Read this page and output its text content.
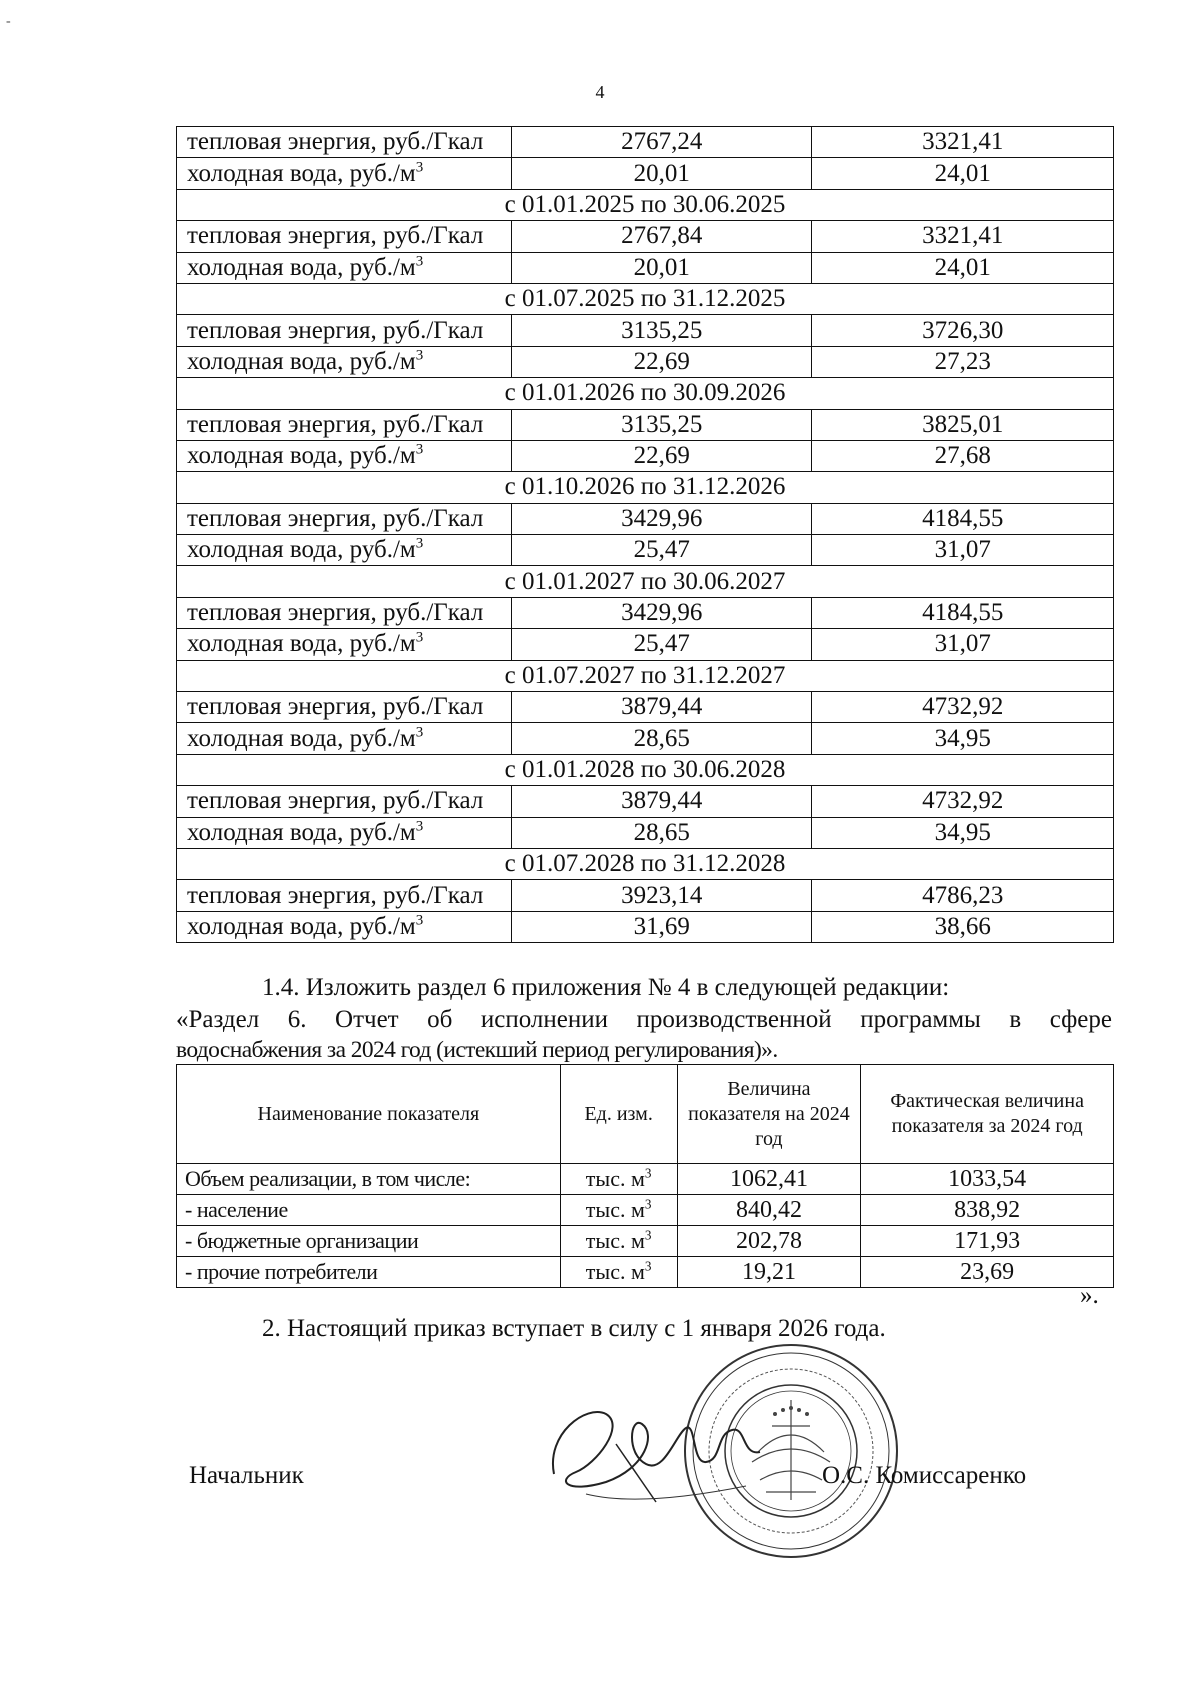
-
4
тепловая энергия, руб./Гкал	2767,24	3321,41
холодная вода, $руб./м^3$	20,01	24,01
с 01.01.2025 по 30.06.2025		
тепловая энергия, руб./Гкал	2767,84	3321,41
холодная вода, $руб./м^3$	20,01	24,01
с 01.07.2025 по 31.12.2025		
тепловая энергия, руб./Гкал	3135,25	3726,30
холодная вода, $руб./м^3$	22,69	27,23
с 01.01.2026 по 30.09.2026		
тепловая энергия, руб./Гкал	3135,25	3825,01
холодная вода, $руб./м^3$	22,69	27,68
с 01.10.2026 по 31.12.2026		
тепловая энергия, руб./Гкал	3429,96	4184,55
холодная вода, $руб./м^3$	25,47	31,07
с 01.01.2027 по 30.06.2027		
тепловая энергия, руб./Гкал	3429,96	4184,55
холодная вода, $руб./м^3$	25,47	31,07
с 01.07.2027 по 31.12.2027		
тепловая энергия, руб./Гкал	3879,44	4732,92
холодная вода, $руб./м^3$	28,65	34,95
с 01.01.2028 по 30.06.2028		
тепловая энергия, руб./Гкал	3879,44	4732,92
холодная вода, $руб./м^3$	28,65	34,95
с 01.07.2028 по 31.12.2028		
тепловая энергия, руб./Гкал	3923,14	4786,23
холодная вода, $руб./м^3$	31,69	38,66
1.4. Изложить раздел 6 приложения № 4 в следующей редакции:
«Раздел 6. Отчет об исполнении производственной программы в сфере
водоснабжения за 2024 год (истекший период регулирования)».
Наименование показателя	Ед. изм.	Величина показателя на 2024 год	Фактическая величина показателя за 2024 год
Объем реализации, в том числе:	тыс. $м^3$	1062,41	1033,54
- население	тыс. $м^3$	840,42	838,92
- бюджетные организации	тыс. $м^3$	202,78	171,93
- прочие потребители	тыс. $м^3$	19,21	23,69
».
2. Настоящий приказ вступает в силу с 1 января 2026 года.
Начальник	О.С. Комиссаренко
